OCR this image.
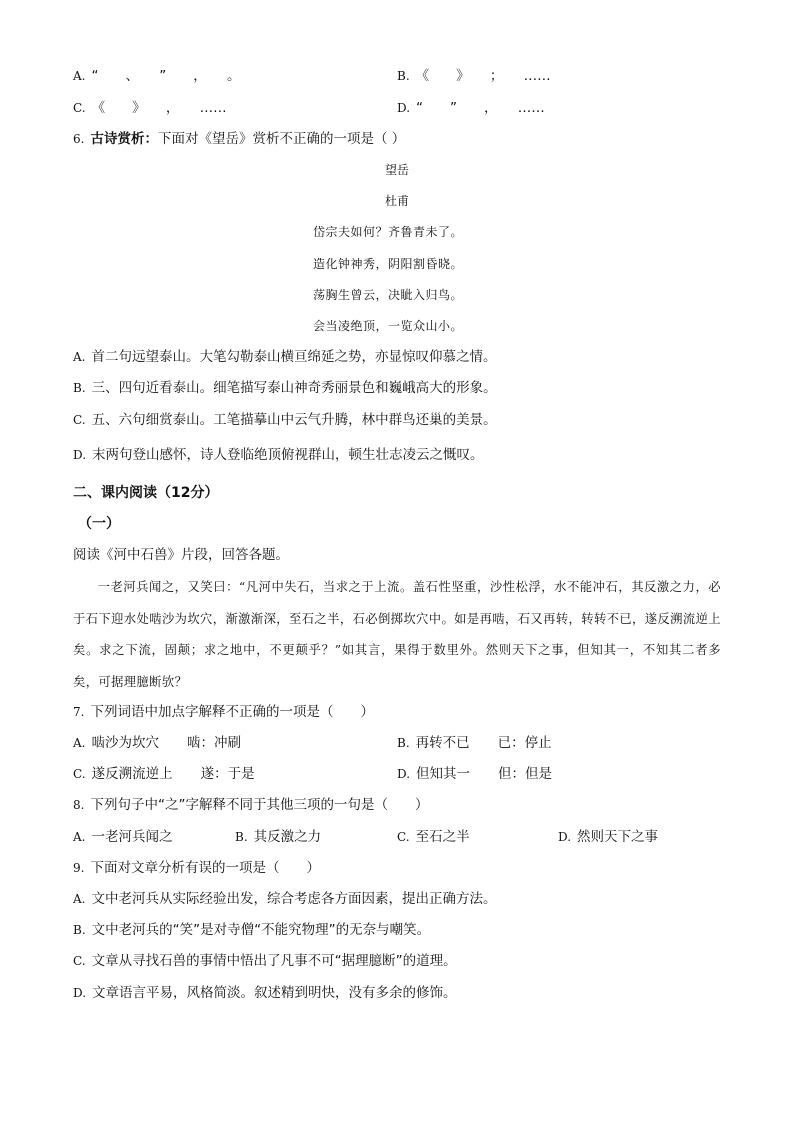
A. “　　、　　”　　，　　。	B. 《　　》　　；　　……
C. 《　　》　　，　　……	D. “　　”　　，　　……
6. 古诗赏析：下面对《望岳》赏析不正确的一项是（ ）
望岳
杜甫
岱宗夫如何？齐鲁青未了。
造化钟神秀，阴阳割昏晓。
荡胸生曾云，决眦入归鸟。
会当凌绝顶，一览众山小。
A. 首二句远望泰山。大笔勾勒泰山横亘绵延之势，亦显惊叹仰慕之情。
B. 三、四句近看泰山。细笔描写泰山神奇秀丽景色和巍峨高大的形象。
C. 五、六句细赏泰山。工笔描摹山中云气升腾，林中群鸟还巢的美景。
D. 末两句登山感怀，诗人登临绝顶俯视群山，顿生壮志凌云之慨叹。
二、课内阅读（12分）
（一）
阅读《河中石兽》片段，回答各题。

一老河兵闻之，又笑曰：“凡河中失石，当求之于上流。盖石性坚重，沙性松浮，水不能冲石，其反激之力，必于石下迎水处啮沙为坎穴，渐激渐深，至石之半，石必倒掷坎穴中。如是再啮，石又再转，转转不已，遂反溯流逆上矣。求之下流，固颠；求之地中，不更颠乎？”如其言，果得于数里外。然则天下之事，但知其一，不知其二者多矣，可据理臆断欤？

7. 下列词语中加点字解释不正确的一项是（　　）
A. 啮沙为坎穴 啮：冲刷	B. 再转不已 已：停止
C. 遂反溯流逆上 遂：于是	D. 但知其一 但：但是
8. 下列句子中“之”字解释不同于其他三项的一句是（　　）
A. 一老河兵闻之	B. 其反激之力	C. 至石之半	D. 然则天下之事
9. 下面对文章分析有误的一项是（　　）
A. 文中老河兵从实际经验出发，综合考虑各方面因素，提出正确方法。
B. 文中老河兵的“笑”是对寺僧“不能究物理”的无奈与嘲笑。
C. 文章从寻找石兽的事情中悟出了凡事不可“据理臆断”的道理。
D. 文章语言平易，风格简淡。叙述精到明快，没有多余的修饰。
